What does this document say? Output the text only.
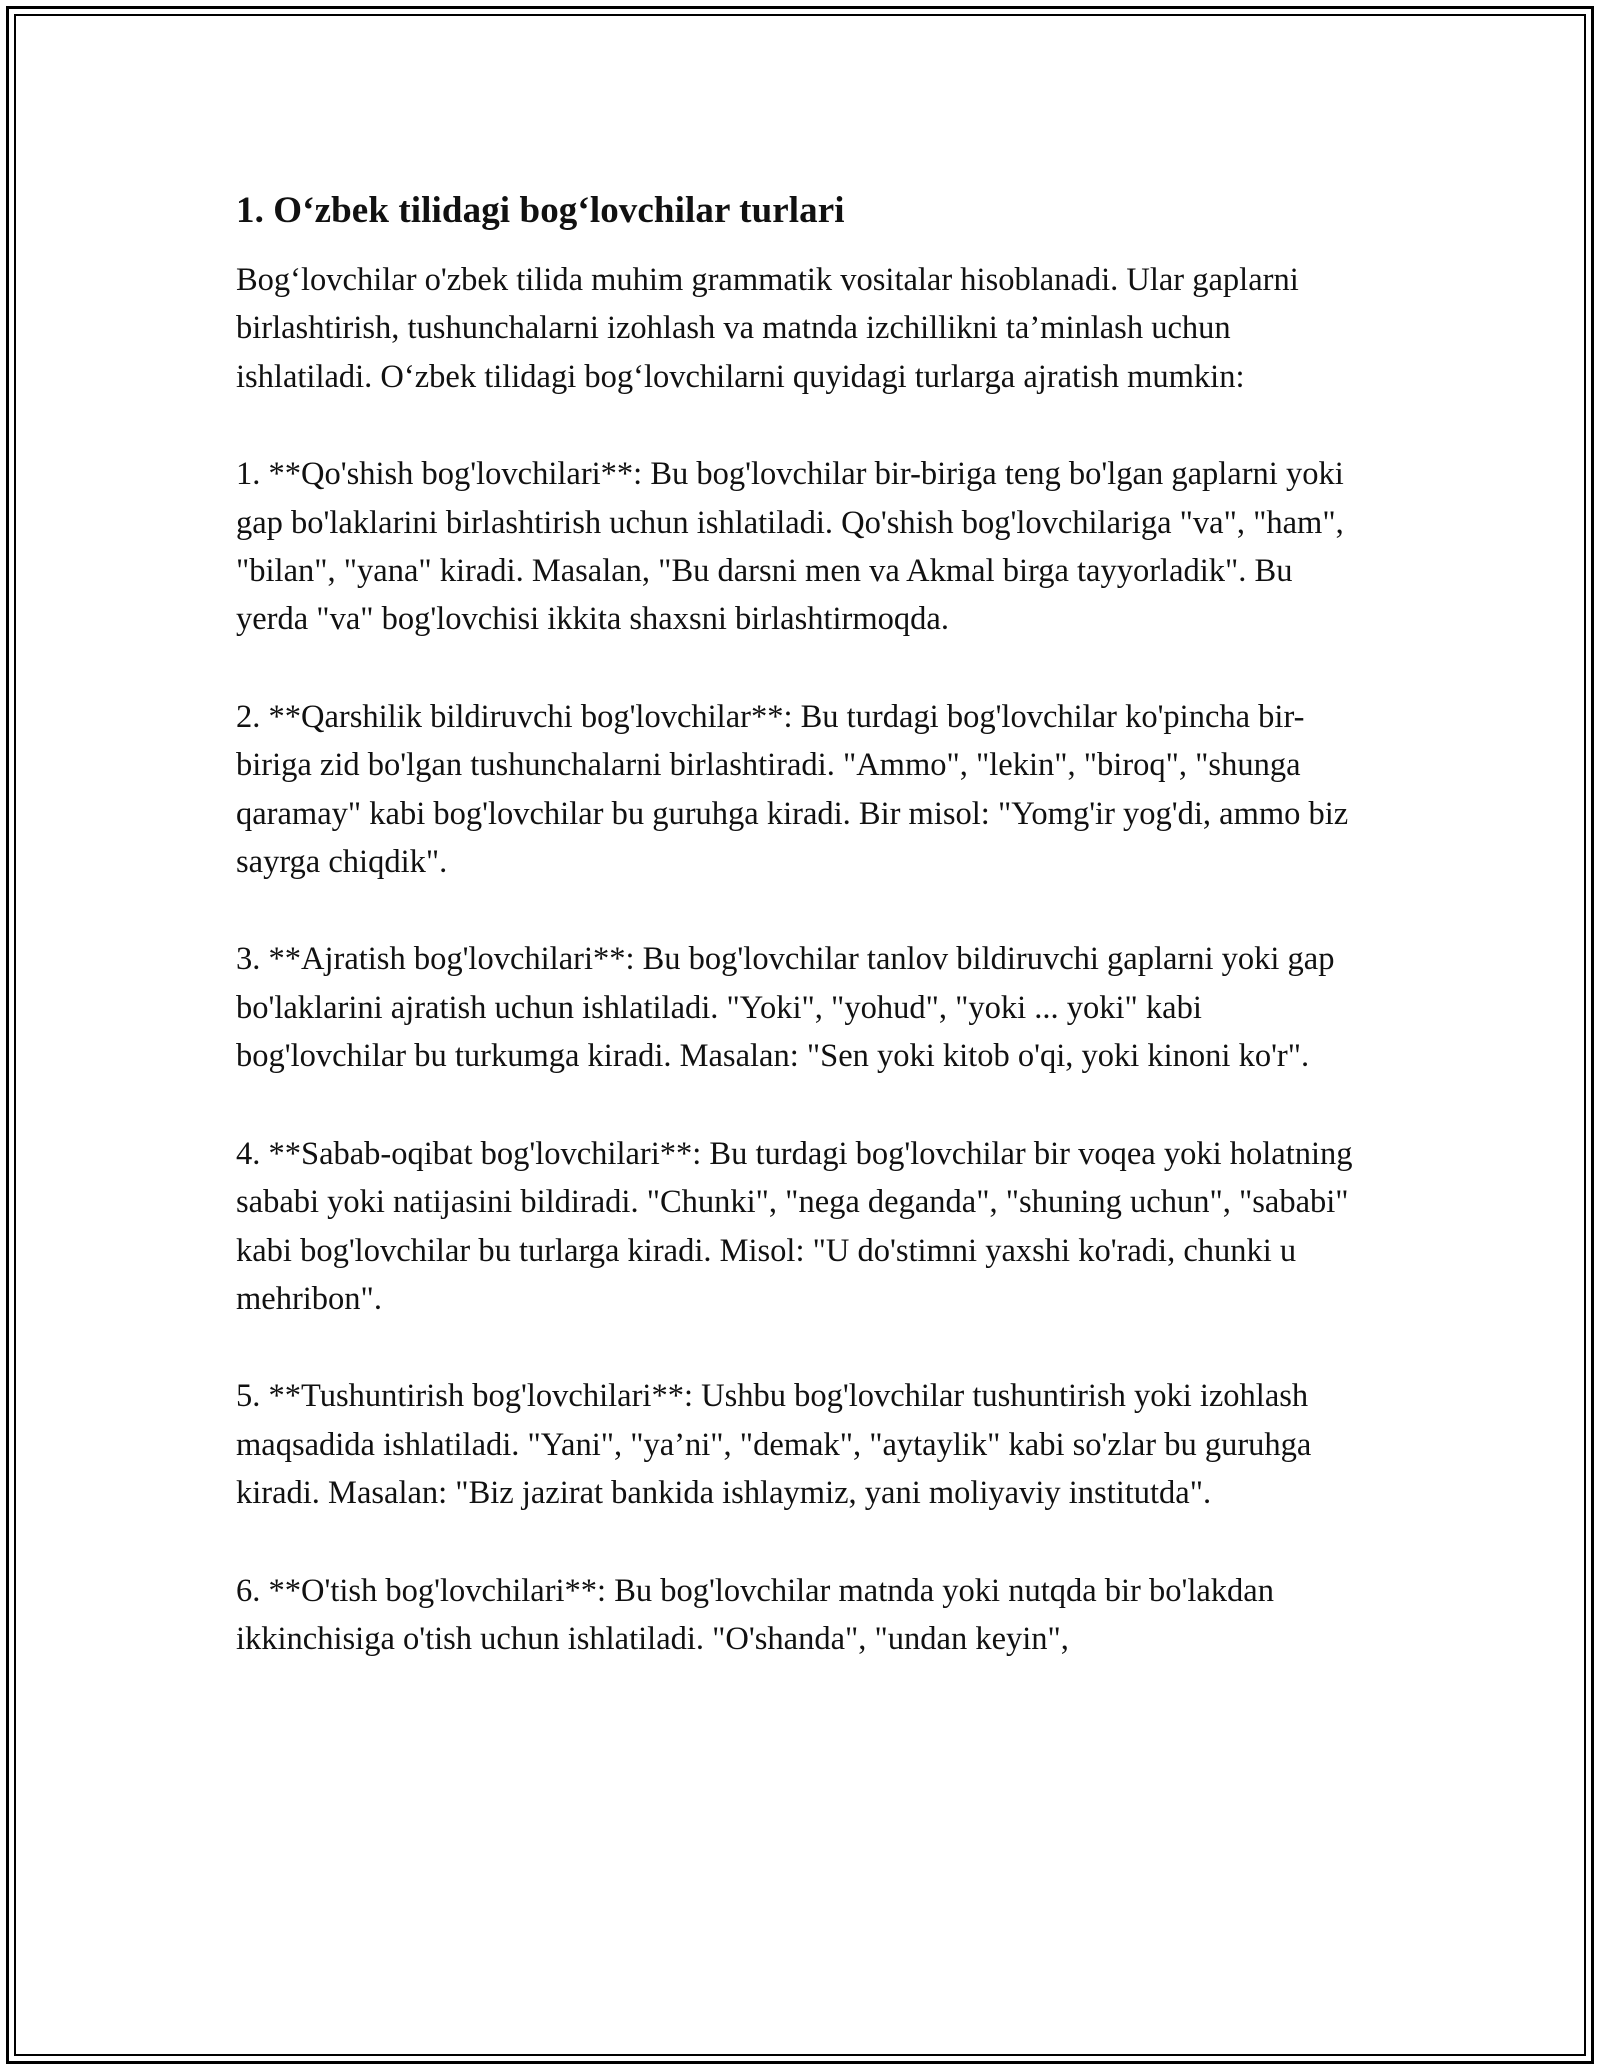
1. O‘zbek tilidagi bog‘lovchilar turlari

Bog‘lovchilar o'zbek tilida muhim grammatik vositalar hisoblanadi. Ular gaplarni birlashtirish, tushunchalarni izohlash va matnda izchillikni ta’minlash uchun ishlatiladi. O‘zbek tilidagi bog‘lovchilarni quyidagi turlarga ajratish mumkin:

1. **Qo'shish bog'lovchilari**: Bu bog'lovchilar bir-biriga teng bo'lgan gaplarni yoki gap bo'laklarini birlashtirish uchun ishlatiladi. Qo'shish bog'lovchilariga "va", "ham", "bilan", "yana" kiradi. Masalan, "Bu darsni men va Akmal birga tayyorladik". Bu yerda "va" bog'lovchisi ikkita shaxsni birlashtirmoqda.

2. **Qarshilik bildiruvchi bog'lovchilar**: Bu turdagi bog'lovchilar ko'pincha bir-biriga zid bo'lgan tushunchalarni birlashtiradi. "Ammo", "lekin", "biroq", "shunga qaramay" kabi bog'lovchilar bu guruhga kiradi. Bir misol: "Yomg'ir yog'di, ammo biz sayrga chiqdik".

3. **Ajratish bog'lovchilari**: Bu bog'lovchilar tanlov bildiruvchi gaplarni yoki gap bo'laklarini ajratish uchun ishlatiladi. "Yoki", "yohud", "yoki ... yoki" kabi bog'lovchilar bu turkumga kiradi. Masalan: "Sen yoki kitob o'qi, yoki kinoni ko'r".

4. **Sabab-oqibat bog'lovchilari**: Bu turdagi bog'lovchilar bir voqea yoki holatning sababi yoki natijasini bildiradi. "Chunki", "nega deganda", "shuning uchun", "sababi" kabi bog'lovchilar bu turlarga kiradi. Misol: "U do'stimni yaxshi ko'radi, chunki u mehribon".

5. **Tushuntirish bog'lovchilari**: Ushbu bog'lovchilar tushuntirish yoki izohlash maqsadida ishlatiladi. "Yani", "ya’ni", "demak", "aytaylik" kabi so'zlar bu guruhga kiradi. Masalan: "Biz jazirat bankida ishlaymiz, yani moliyaviy institutda".

6. **O'tish bog'lovchilari**: Bu bog'lovchilar matnda yoki nutqda bir bo'lakdan ikkinchisiga o'tish uchun ishlatiladi. "O'shanda", "undan keyin",
